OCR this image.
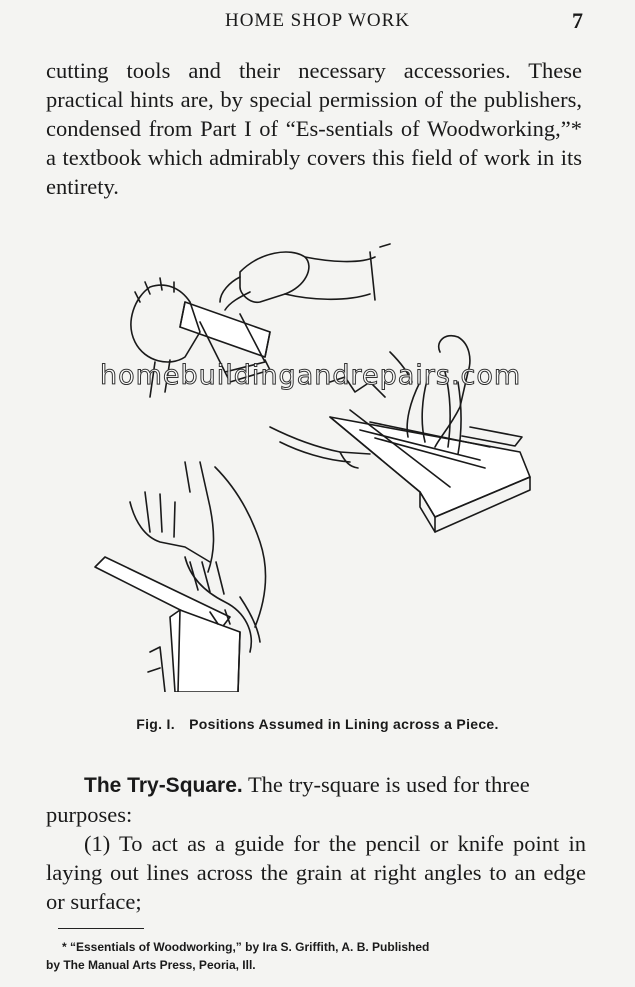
HOME SHOP WORK	7
cutting tools and their necessary accessories. These practical hints are, by special permission of the publishers, condensed from Part I of “Es-sentials of Woodworking,”* a textbook which admirably covers this field of work in its entirety.
homebuildingandrepairs.com
Fig. I. Positions Assumed in Lining across a Piece.
The Try-Square. The try-square is used for three purposes:
(1) To act as a guide for the pencil or knife point in laying out lines across the grain at right angles to an edge or surface;
* “Essentials of Woodworking,” by Ira S. Griffith, A. B. Published
by The Manual Arts Press, Peoria, Ill.
